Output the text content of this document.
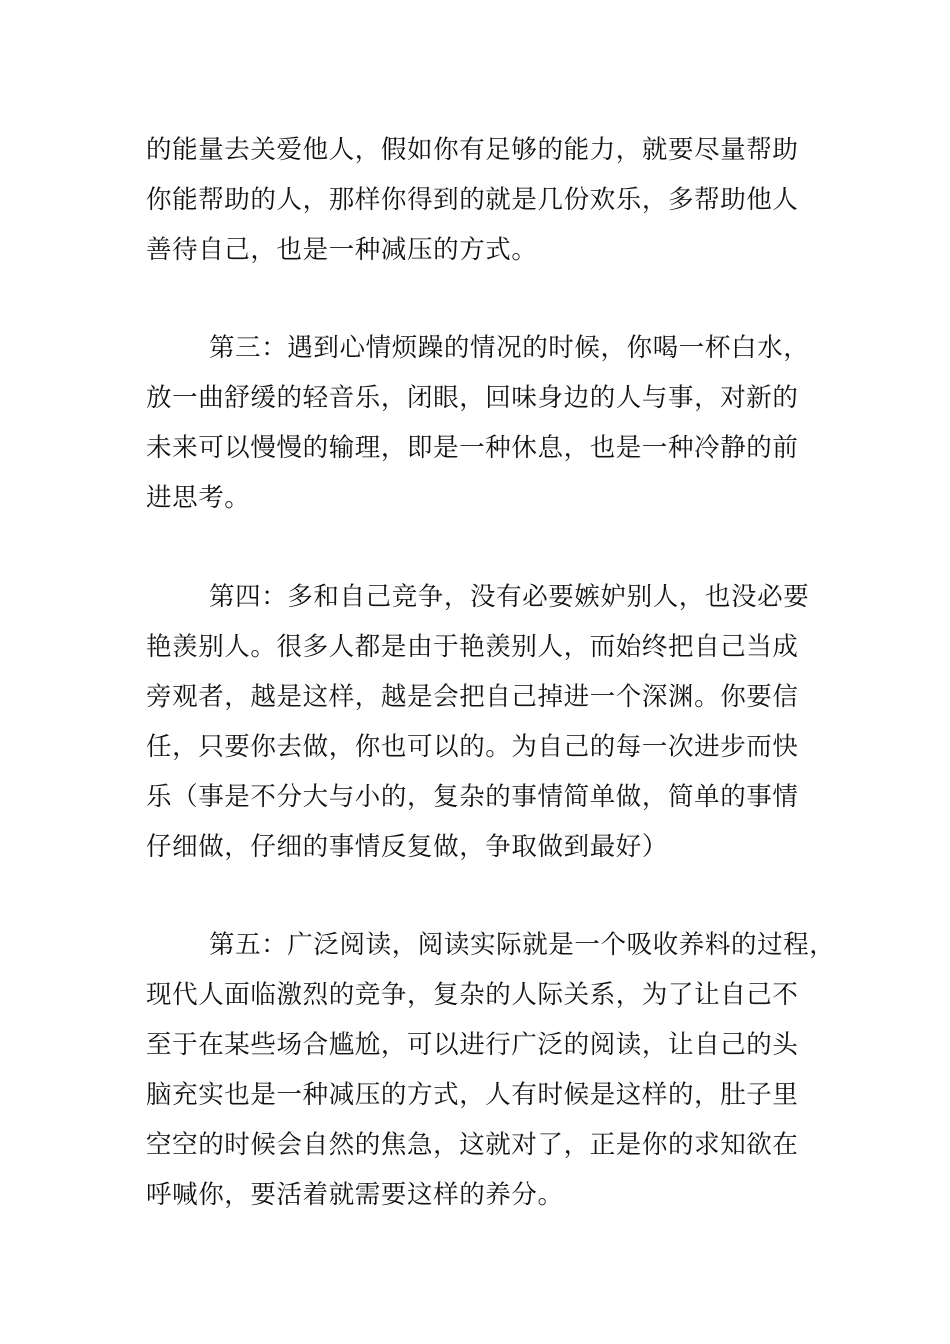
的能量去关爱他人，假如你有足够的能力，就要尽量帮助
你能帮助的人，那样你得到的就是几份欢乐，多帮助他人
善待自己，也是一种减压的方式。

第三：遇到心情烦躁的情况的时候，你喝一杯白水，
放一曲舒缓的轻音乐，闭眼，回味身边的人与事，对新的
未来可以慢慢的输理，即是一种休息，也是一种冷静的前
进思考。

第四：多和自己竞争，没有必要嫉妒别人，也没必要
艳羡别人。很多人都是由于艳羡别人，而始终把自己当成
旁观者，越是这样，越是会把自己掉进一个深渊。你要信
任，只要你去做，你也可以的。为自己的每一次进步而快
乐（事是不分大与小的，复杂的事情简单做，简单的事情
仔细做，仔细的事情反复做，争取做到最好）

第五：广泛阅读，阅读实际就是一个吸收养料的过程，
现代人面临激烈的竞争，复杂的人际关系，为了让自己不
至于在某些场合尴尬，可以进行广泛的阅读，让自己的头
脑充实也是一种减压的方式，人有时候是这样的，肚子里
空空的时候会自然的焦急，这就对了，正是你的求知欲在
呼喊你，要活着就需要这样的养分。
